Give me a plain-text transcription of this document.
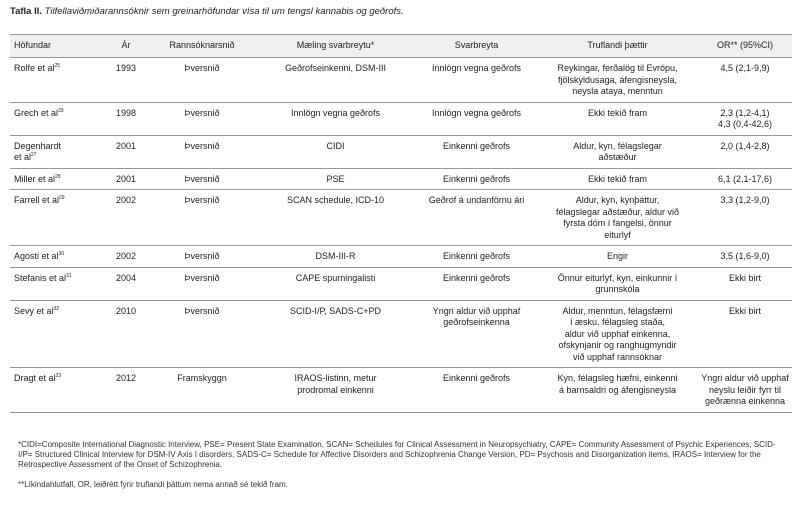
Tafla II. Tilfellaviðmiðarannsóknir sem greinarhöfundar vísa til um tengsl kannabis og geðrofs.
Höfundar	Ár	Rannsóknarsnið	Mæling svarbreytu*	Svarbreyta	Truflandi þættir	OR** (95%CI)
Rolfe et $al^{25}$	1993	Þversnið	Geðrofseinkenni, DSM-III	Innlögn vegna geðrofs	Reykingar, ferðalög til Evrópu,
fjölskyldusaga, áfengisneysla,
neysla ataya, menntun	4,5 (2,1-9,9)
Grech et $al^{33}$	1998	Þversnið	Innlögn vegna geðrofs	Innlögn vegna geðrofs	Ekki tekið fram	2,3 (1,2-4,1)
4,3 (0,4-42,6)
Degenhardt
et $al^{27}$	2001	Þversnið	CIDI	Einkenni geðrofs	Aldur, kyn, félagslegar
aðstæður	2,0 (1,4-2,8)
Miller et $al^{28}$	2001	Þversnið	PSE	Einkenni geðrofs	Ekki tekið fram	6,1 (2,1-17,6)
Farrell et $al^{29}$	2002	Þversnið	SCAN schedule, ICD-10	Geðrof á undanförnu ári	Aldur, kyn, kynþáttur,
félagslegar aðstæður, aldur við
fyrsta dóm í fangelsi, önnur
eiturlyf	3,3 (1,2-9,0)
Agosti et $al^{30}$	2002	Þversnið	DSM-III-R	Einkenni geðrofs	Engir	3,5 (1,6-9,0)
Stefanis et $al^{31}$	2004	Þversnið	CAPE spurningalisti	Einkenni geðrofs	Önnur eiturlyf, kyn, einkunnir í
grunnskóla	Ekki birt
Sevy et $al^{32}$	2010	Þversnið	SCID-I/P, SADS-C+PD	Yngri aldur við upphaf
geðrofseinkenna	Aldur, menntun, félagsfærni
í æsku, félagsleg staða,
aldur við upphaf einkenna,
ofskynjanir og ranghugmyndir
við upphaf rannsóknar	Ekki birt
Dragt et $al^{23}$	2012	Framskyggn	IRAOS-listinn, metur
prodromal einkenni	Einkenni geðrofs	Kyn, félagsleg hæfni, einkenni
á barnsaldri og áfengisneysla	Yngri aldur við upphaf
neyslu leiðir fyrr til
geðrænna einkenna
*CIDI=Composite International Diagnostic Interview, PSE= Present State Examination, SCAN= Schedules for Clinical Assessment in Neuropsychiatry, CAPE= Community Assessment of Psychic Experiences, SCID-I/P= Structured Clinical Interview for DSM-IV Axis I disorders, SADS-C= Schedule for Affective Disorders and Schizophrenia Change Version, PD= Psychosis and Disorganization items, IRAOS= Interview for the Retrospective Assessment of the Onset of Schizophrenia.
**Líkindahlutfall, OR, leiðrétt fyrir truflandi þáttum nema annað sé tekið fram.
